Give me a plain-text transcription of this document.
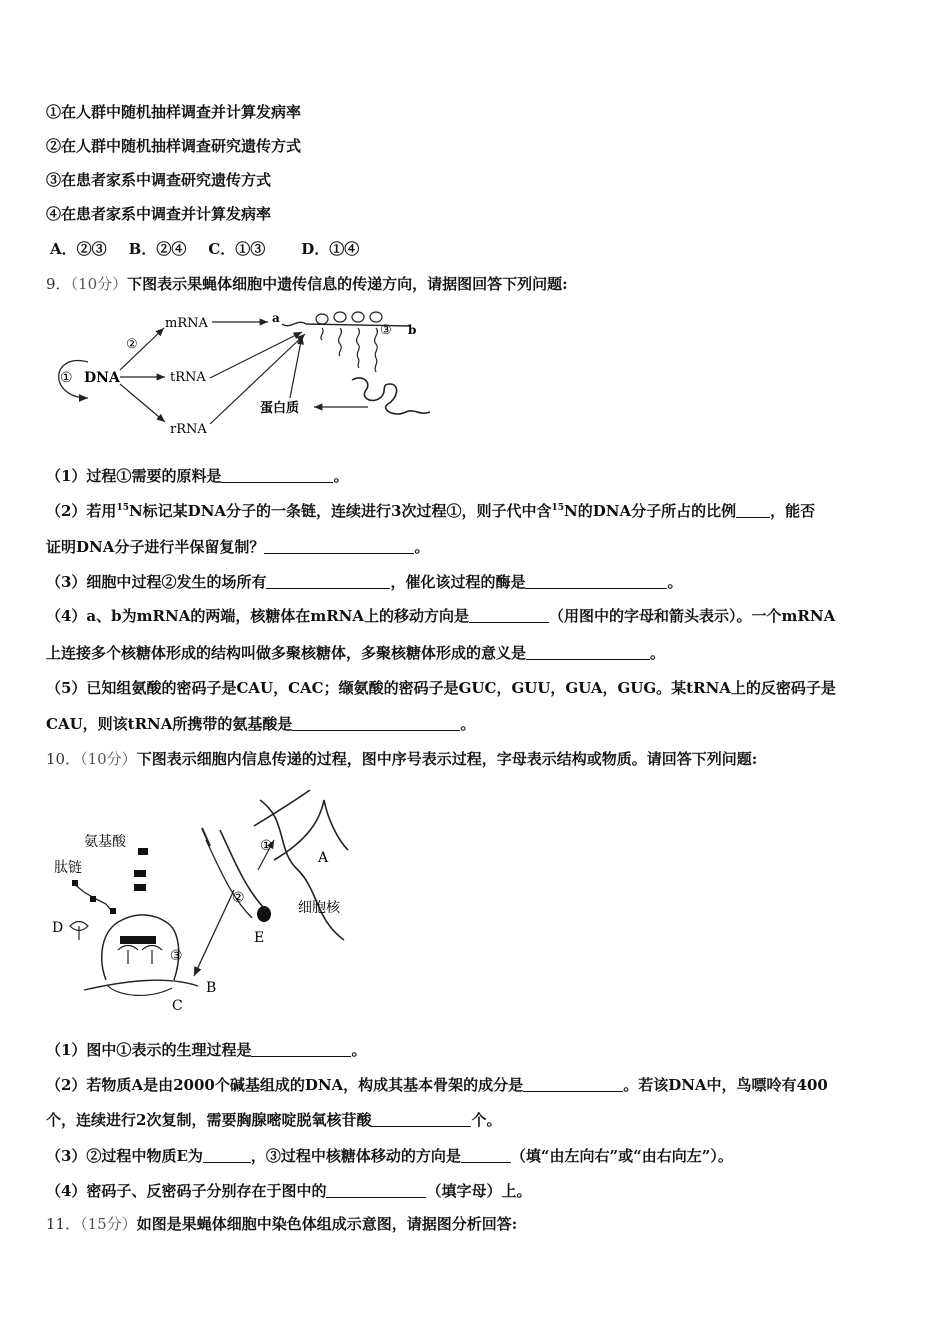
①在人群中随机抽样调查并计算发病率
②在人群中随机抽样调查研究遗传方式
③在患者家系中调查研究遗传方式
④在患者家系中调查并计算发病率
A．②③ B．②④ C．①③ D．①④
9．（10分）下图表示果蝇体细胞中遗传信息的传递方向，请据图回答下列问题:
① DNA
②
mRNA
tRNA
rRNA
a
③ b
蛋白质
（1）过程①需要的原料是	。
（2）若用$^{15}$N标记某DNA分子的一条链，连续进行3次过程①，则子代中含$^{15}$N的DNA分子所占的比例 ，能否
证明DNA分子进行半保留复制？	。
（3）细胞中过程②发生的场所有	，催化该过程的酶是	。
（4）a、b为mRNA的两端，核糖体在mRNA上的移动方向是	（用图中的字母和箭头表示）。一个mRNA
上连接多个核糖体形成的结构叫做多聚核糖体，多聚核糖体形成的意义是	。
（5）已知组氨酸的密码子是CAU，CAC；缬氨酸的密码子是GUC，GUU，GUA，GUG。某tRNA上的反密码子是
CAU，则该tRNA所携带的氨基酸是	。
10．（10分）下图表示细胞内信息传递的过程，图中序号表示过程，字母表示结构或物质。请回答下列问题:
氨基酸
肽链
D
③
C
B
①
②
A
E
细胞核
（1）图中①表示的生理过程是	。
（2）若物质A是由2000个碱基组成的DNA，构成其基本骨架的成分是	。若该DNA中，鸟嘌呤有400
个，连续进行2次复制，需要胸腺嘧啶脱氧核苷酸	个。
（3）②过程中物质E为	，③过程中核糖体移动的方向是	（填“由左向右”或“由右向左”）。
（4）密码子、反密码子分别存在于图中的	（填字母）上。
11．（15分）如图是果蝇体细胞中染色体组成示意图，请据图分析回答:
